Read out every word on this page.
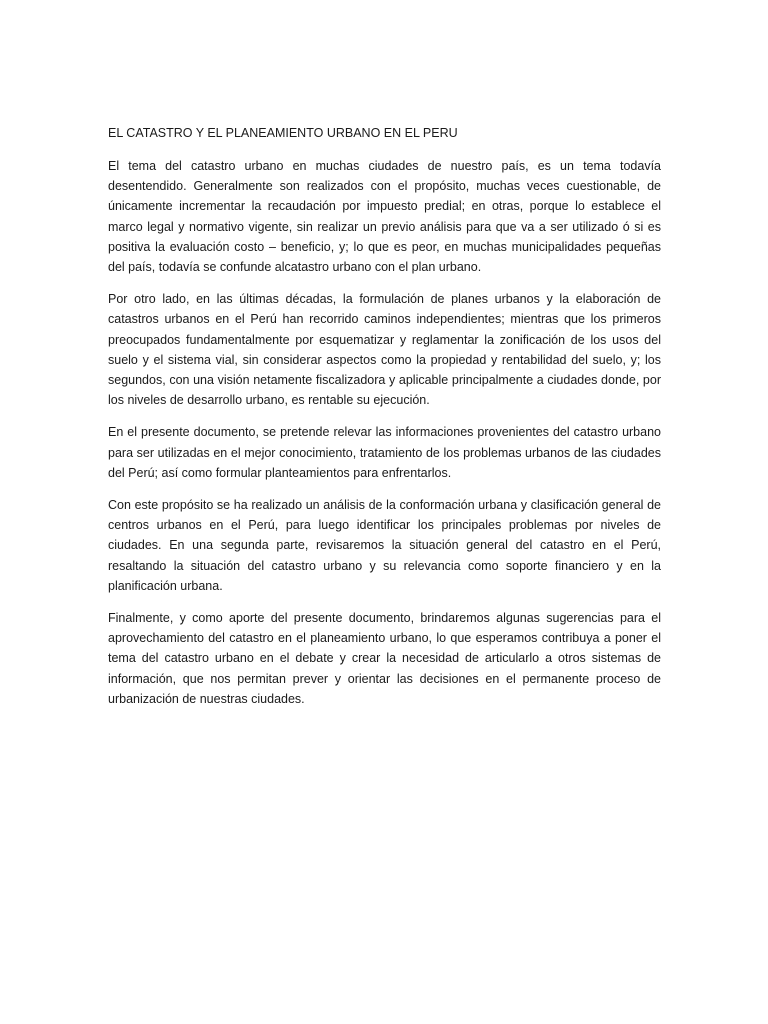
EL CATASTRO Y EL PLANEAMIENTO URBANO EN EL PERU

El tema del catastro urbano en muchas ciudades de nuestro país, es un tema todavía desentendido. Generalmente son realizados con el propósito, muchas veces cuestionable, de únicamente incrementar la recaudación por impuesto predial; en otras, porque lo establece el marco legal y normativo vigente, sin realizar un previo análisis para que va a ser utilizado ó si es positiva la evaluación costo – beneficio, y; lo que es peor, en muchas municipalidades pequeñas del país, todavía se confunde alcatastro urbano con el plan urbano.

Por otro lado, en las últimas décadas, la formulación de planes urbanos y la elaboración de catastros urbanos en el Perú han recorrido caminos independientes; mientras que los primeros preocupados fundamentalmente por esquematizar y reglamentar la zonificación de los usos del suelo y el sistema vial, sin considerar aspectos como la propiedad y rentabilidad del suelo, y; los segundos, con una visión netamente fiscalizadora y aplicable principalmente a ciudades donde, por los niveles de desarrollo urbano, es rentable su ejecución.

En el presente documento, se pretende relevar las informaciones provenientes del catastro urbano para ser utilizadas en el mejor conocimiento, tratamiento de los problemas urbanos de las ciudades del Perú; así como formular planteamientos para enfrentarlos.

Con este propósito se ha realizado un análisis de la conformación urbana y clasificación general de centros urbanos en el Perú, para luego identificar los principales problemas por niveles de ciudades. En una segunda parte, revisaremos la situación general del catastro en el Perú, resaltando la situación del catastro urbano y su relevancia como soporte financiero y en la planificación urbana.

Finalmente, y como aporte del presente documento, brindaremos algunas sugerencias para el aprovechamiento del catastro en el planeamiento urbano, lo que esperamos contribuya a poner el tema del catastro urbano en el debate y crear la necesidad de articularlo a otros sistemas de información, que nos permitan prever y orientar las decisiones en el permanente proceso de urbanización de nuestras ciudades.
